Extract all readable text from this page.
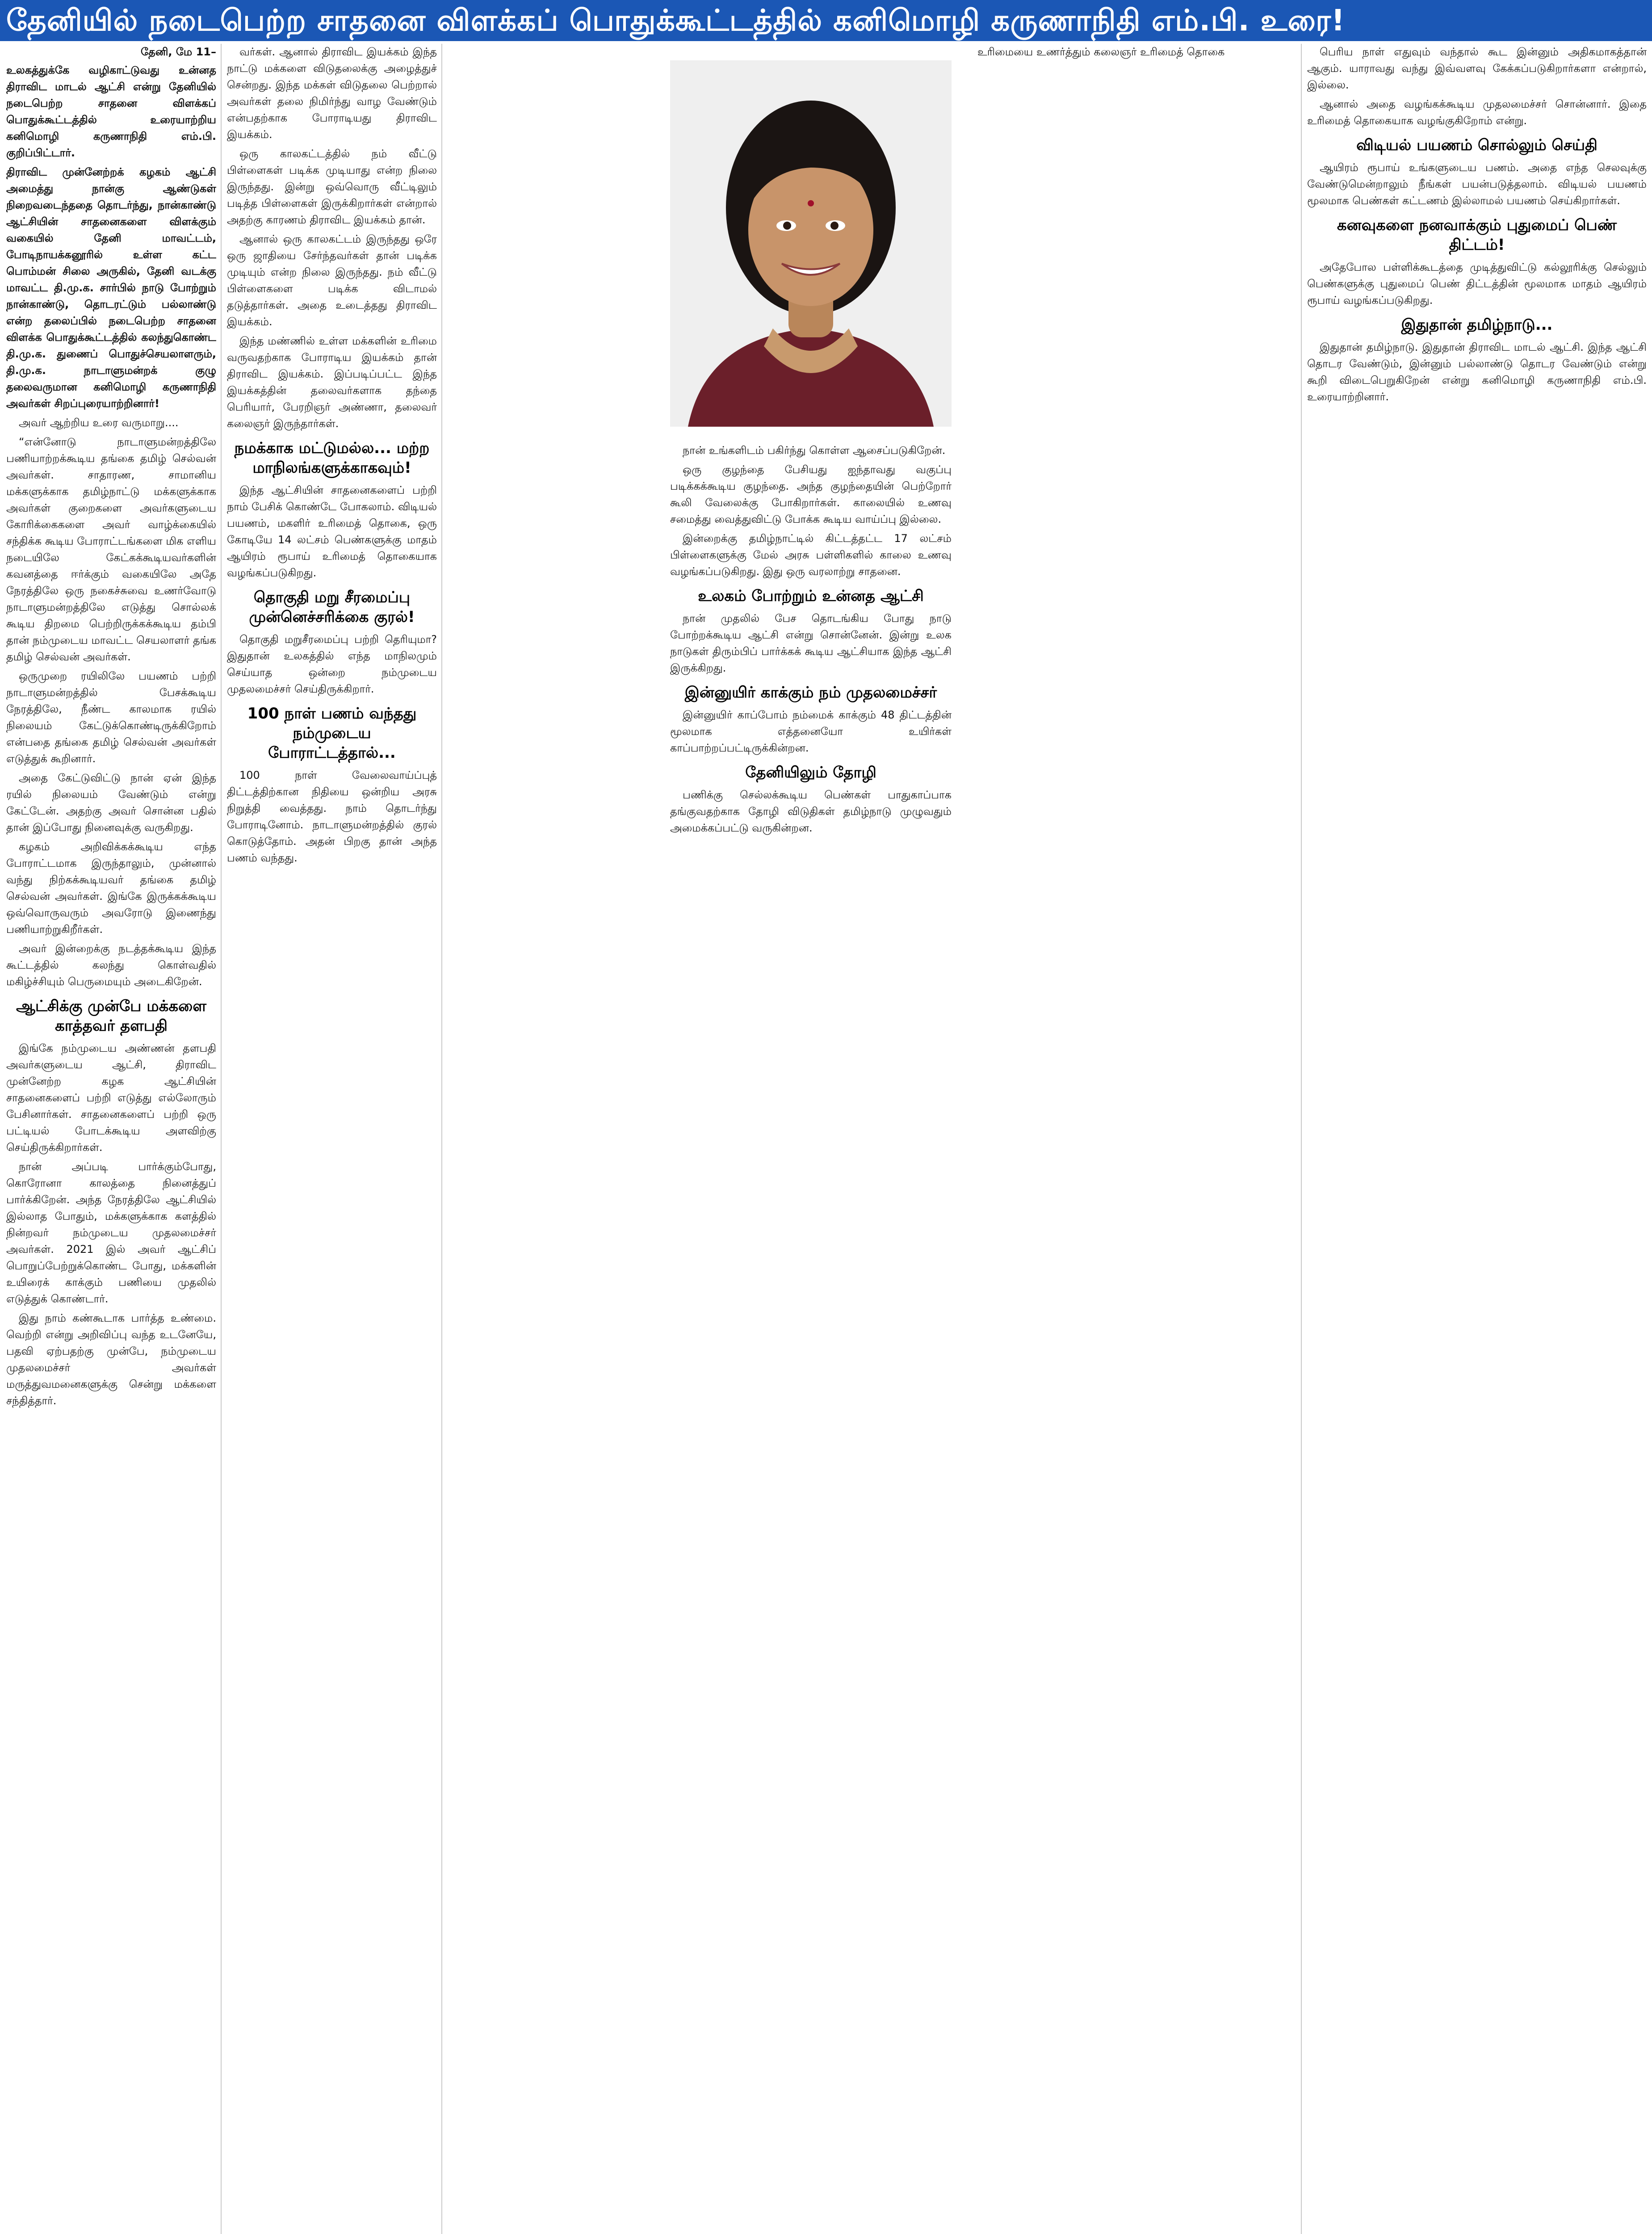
தேனியில் நடைபெற்ற சாதனை விளக்கப் பொதுக்கூட்டத்தில் கனிமொழி கருணாநிதி எம்.பி. உரை!
தேனி, மே 11–

உலகத்துக்கே வழிகாட்டுவது உன்னத திராவிட மாடல் ஆட்சி என்று தேனியில் நடைபெற்ற சாதனை விளக்கப் பொதுக்கூட்டத்தில் உரையாற்றிய கனிமொழி கருணாநிதி எம்.பி. குறிப்பிட்டார்.

திராவிட முன்னேற்றக் கழகம் ஆட்சி அமைத்து நான்கு ஆண்டுகள் நிறைவடைந்ததை தொடர்ந்து, நான்காண்டு ஆட்சியின் சாதனைகளை விளக்கும் வகையில் தேனி மாவட்டம், போடிநாயக்கனூரில் உள்ள கட்ட பொம்மன் சிலை அருகில், தேனி வடக்கு மாவட்ட தி.மு.க. சார்பில் நாடு போற்றும் நான்காண்டு, தொடரட்டும் பல்லாண்டு என்ற தலைப்பில் நடைபெற்ற சாதனை விளக்க பொதுக்கூட்டத்தில் கலந்துகொண்ட தி.மு.க. துணைப் பொதுச்செயலாளரும், தி.மு.க. நாடாளுமன்றக் குழு தலைவருமான கனிமொழி கருணாநிதி அவர்கள் சிறப்புரையாற்றினார்!

அவர் ஆற்றிய உரை வருமாறு....

“என்னோடு நாடாளுமன்றத்திலே பணியாற்றக்கூடிய தங்கை தமிழ் செல்வன் அவர்கள். சாதாரண, சாமானிய மக்களுக்காக தமிழ்நாட்டு மக்களுக்காக அவர்கள் குறைகளை அவர்களுடைய கோரிக்கைகளை அவர் வாழ்க்கையில் சந்திக்க கூடிய போராட்டங்களை மிக எளிய நடையிலே கேட்கக்கூடியவர்களின் கவனத்தை ஈர்க்கும் வகையிலே அதே நேரத்திலே ஒரு நகைச்சுவை உணர்வோடு நாடாளுமன்றத்திலே எடுத்து சொல்லக் கூடிய திறமை பெற்றிருக்கக்கூடிய தம்பி தான் நம்முடைய மாவட்ட செயலாளர் தங்க தமிழ் செல்வன் அவர்கள்.

ஒருமுறை ரயிலிலே பயணம் பற்றி நாடாளுமன்றத்தில் பேசக்கூடிய நேரத்திலே, நீண்ட காலமாக ரயில் நிலையம் கேட்டுக்கொண்டிருக்கிறோம் என்பதை தங்கை தமிழ் செல்வன் அவர்கள் எடுத்துக் கூறினார்.

அதை கேட்டுவிட்டு நான் ஏன் இந்த ரயில் நிலையம் வேண்டும் என்று கேட்டேன். அதற்கு அவர் சொன்ன பதில் தான் இப்போது நினைவுக்கு வருகிறது.

கழகம் அறிவிக்கக்கூடிய எந்த போராட்டமாக இருந்தாலும், முன்னால் வந்து நிற்கக்கூடியவர் தங்கை தமிழ் செல்வன் அவர்கள். இங்கே இருக்கக்கூடிய ஒவ்வொருவரும் அவரோடு இணைந்து பணியாற்றுகிறீர்கள்.

அவர் இன்றைக்கு நடத்தக்கூடிய இந்த கூட்டத்தில் கலந்து கொள்வதில் மகிழ்ச்சியும் பெருமையும் அடைகிறேன்.

ஆட்சிக்கு முன்பே மக்களை காத்தவர் தளபதி

இங்கே நம்முடைய அண்ணன் தளபதி அவர்களுடைய ஆட்சி, திராவிட முன்னேற்ற கழக ஆட்சியின் சாதனைகளைப் பற்றி எடுத்து எல்லோரும் பேசினார்கள். சாதனைகளைப் பற்றி ஒரு பட்டியல் போடக்கூடிய அளவிற்கு செய்திருக்கிறார்கள்.

நான் அப்படி பார்க்கும்போது, கொரோனா காலத்தை நினைத்துப் பார்க்கிறேன். அந்த நேரத்திலே ஆட்சியில் இல்லாத போதும், மக்களுக்காக களத்தில் நின்றவர் நம்முடைய முதலமைச்சர் அவர்கள். 2021 இல் அவர் ஆட்சிப் பொறுப்பேற்றுக்கொண்ட போது, மக்களின் உயிரைக் காக்கும் பணியை முதலில் எடுத்துக் கொண்டார்.

இது நாம் கண்கூடாக பார்த்த உண்மை. வெற்றி என்று அறிவிப்பு வந்த உடனேயே, பதவி ஏற்பதற்கு முன்பே, நம்முடைய முதலமைச்சர் அவர்கள் மருத்துவமனைகளுக்கு சென்று மக்களை சந்தித்தார்.

வர்கள். ஆனால் திராவிட இயக்கம் இந்த நாட்டு மக்களை விடுதலைக்கு அழைத்துச் சென்றது. இந்த மக்கள் விடுதலை பெற்றால் அவர்கள் தலை நிமிர்ந்து வாழ வேண்டும் என்பதற்காக போராடியது திராவிட இயக்கம்.

ஒரு காலகட்டத்தில் நம் வீட்டு பிள்ளைகள் படிக்க முடியாது என்ற நிலை இருந்தது. இன்று ஒவ்வொரு வீட்டிலும் படித்த பிள்ளைகள் இருக்கிறார்கள் என்றால் அதற்கு காரணம் திராவிட இயக்கம் தான்.

ஆனால் ஒரு காலகட்டம் இருந்தது ஒரே ஒரு ஜாதியை சேர்ந்தவர்கள் தான் படிக்க முடியும் என்ற நிலை இருந்தது. நம் வீட்டு பிள்ளைகளை படிக்க விடாமல் தடுத்தார்கள். அதை உடைத்தது திராவிட இயக்கம்.

இந்த மண்ணில் உள்ள மக்களின் உரிமை வருவதற்காக போராடிய இயக்கம் தான் திராவிட இயக்கம். இப்படிப்பட்ட இந்த இயக்கத்தின் தலைவர்களாக தந்தை பெரியார், பேரறிஞர் அண்ணா, தலைவர் கலைஞர் இருந்தார்கள்.

நமக்காக மட்டுமல்ல... மற்ற மாநிலங்களுக்காகவும்!

இந்த ஆட்சியின் சாதனைகளைப் பற்றி நாம் பேசிக் கொண்டே போகலாம். விடியல் பயணம், மகளிர் உரிமைத் தொகை, ஒரு கோடியே 14 லட்சம் பெண்களுக்கு மாதம் ஆயிரம் ரூபாய் உரிமைத் தொகையாக வழங்கப்படுகிறது.

தொகுதி மறு சீரமைப்பு முன்னெச்சரிக்கை குரல்!

தொகுதி மறுசீரமைப்பு பற்றி தெரியுமா? இதுதான் உலகத்தில் எந்த மாநிலமும் செய்யாத ஒன்றை நம்முடைய முதலமைச்சர் செய்திருக்கிறார்.

100 நாள் பணம் வந்தது நம்முடைய போராட்டத்தால்...

100 நாள் வேலைவாய்ப்புத் திட்டத்திற்கான நிதியை ஒன்றிய அரசு நிறுத்தி வைத்தது. நாம் தொடர்ந்து போராடினோம். நாடாளுமன்றத்தில் குரல் கொடுத்தோம். அதன் பிறகு தான் அந்த பணம் வந்தது.

நான் உங்களிடம் பகிர்ந்து கொள்ள ஆசைப்படுகிறேன்.

ஒரு குழந்தை பேசியது ஐந்தாவது வகுப்பு படிக்கக்கூடிய குழந்தை. அந்த குழந்தையின் பெற்றோர் கூலி வேலைக்கு போகிறார்கள். காலையில் உணவு சமைத்து வைத்துவிட்டு போக்க கூடிய வாய்ப்பு இல்லை.

இன்றைக்கு தமிழ்நாட்டில் கிட்டத்தட்ட 17 லட்சம் பிள்ளைகளுக்கு மேல் அரசு பள்ளிகளில் காலை உணவு வழங்கப்படுகிறது. இது ஒரு வரலாற்று சாதனை.

உலகம் போற்றும் உன்னத ஆட்சி

நான் முதலில் பேச தொடங்கிய போது நாடு போற்றக்கூடிய ஆட்சி என்று சொன்னேன். இன்று உலக நாடுகள் திரும்பிப் பார்க்கக் கூடிய ஆட்சியாக இந்த ஆட்சி இருக்கிறது.

இன்னுயிர் காக்கும் நம் முதலமைச்சர்

இன்னுயிர் காப்போம் நம்மைக் காக்கும் 48 திட்டத்தின் மூலமாக எத்தனையோ உயிர்கள் காப்பாற்றப்பட்டிருக்கின்றன.

தேனியிலும் தோழி

பணிக்கு செல்லக்கூடிய பெண்கள் பாதுகாப்பாக தங்குவதற்காக தோழி விடுதிகள் தமிழ்நாடு முழுவதும் அமைக்கப்பட்டு வருகின்றன.

உரிமையை உணர்த்தும் கலைஞர் உரிமைத் தொகை	பெரிய நாள் எதுவும் வந்தால் கூட இன்னும் அதிகமாகத்தான் ஆகும். யாராவது வந்து இவ்வளவு கேக்கப்படுகிறார்களா என்றால், இல்லை.

ஆனால் அதை வழங்கக்கூடிய முதலமைச்சர் சொன்னார். இதை உரிமைத் தொகையாக வழங்குகிறோம் என்று.

விடியல் பயணம் சொல்லும் செய்தி

ஆயிரம் ரூபாய் உங்களுடைய பணம். அதை எந்த செலவுக்கு வேண்டுமென்றாலும் நீங்கள் பயன்படுத்தலாம். விடியல் பயணம் மூலமாக பெண்கள் கட்டணம் இல்லாமல் பயணம் செய்கிறார்கள்.

கனவுகளை நனவாக்கும் புதுமைப் பெண் திட்டம்!

அதேபோல பள்ளிக்கூடத்தை முடித்துவிட்டு கல்லூரிக்கு செல்லும் பெண்களுக்கு புதுமைப் பெண் திட்டத்தின் மூலமாக மாதம் ஆயிரம் ரூபாய் வழங்கப்படுகிறது.

இதுதான் தமிழ்நாடு...

இதுதான் தமிழ்நாடு. இதுதான் திராவிட மாடல் ஆட்சி. இந்த ஆட்சி தொடர வேண்டும், இன்னும் பல்லாண்டு தொடர வேண்டும் என்று கூறி விடைபெறுகிறேன் என்று கனிமொழி கருணாநிதி எம்.பி. உரையாற்றினார்.
